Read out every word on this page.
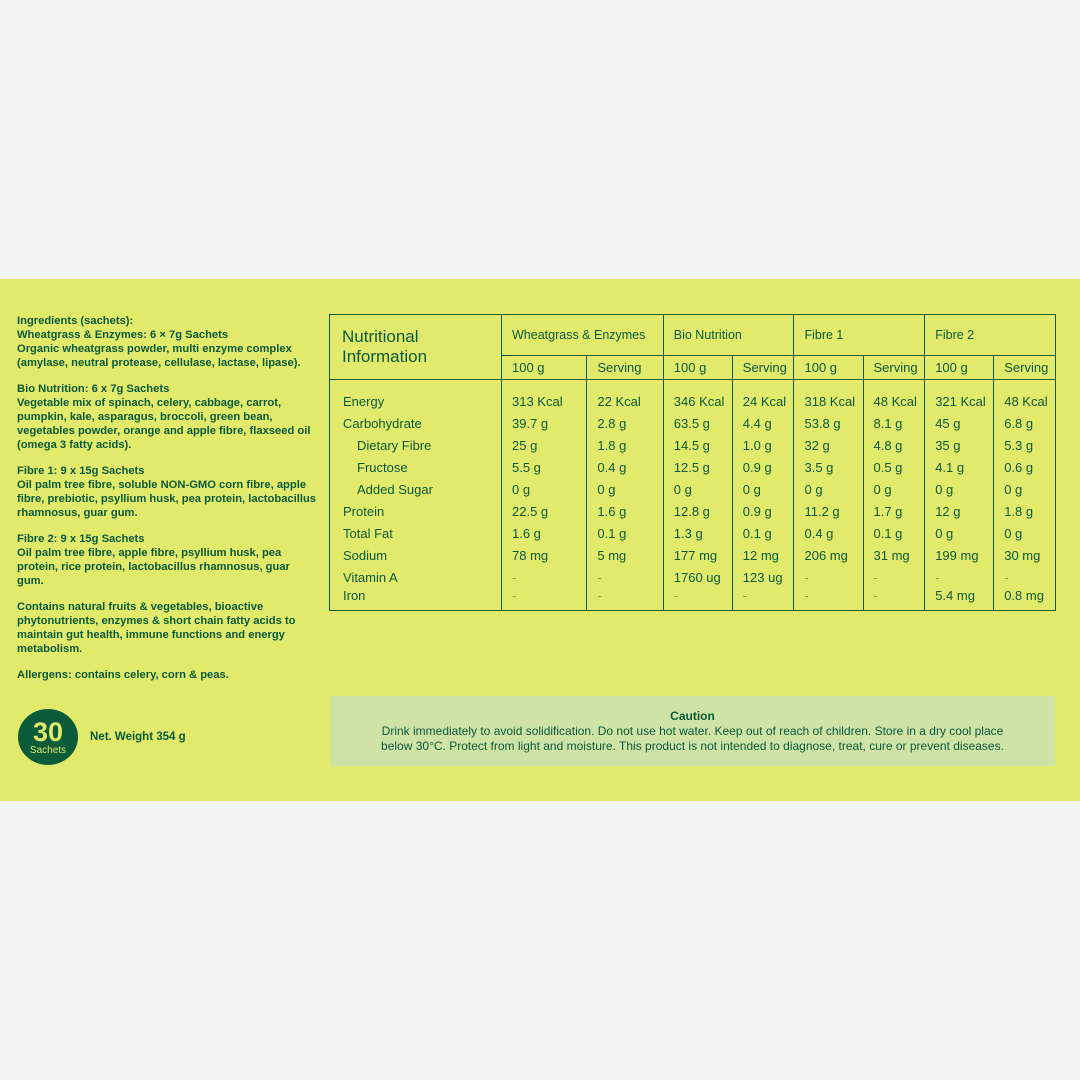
Ingredients (sachets):
Wheatgrass & Enzymes: 6 × 7g Sachets
Organic wheatgrass powder, multi enzyme complex (amylase, neutral protease, cellulase, lactase, lipase).

Bio Nutrition: 6 x 7g Sachets
Vegetable mix of spinach, celery, cabbage, carrot, pumpkin, kale, asparagus, broccoli, green bean, vegetables powder, orange and apple fibre, flaxseed oil (omega 3 fatty acids).

Fibre 1: 9 x 15g Sachets
Oil palm tree fibre, soluble NON-GMO corn fibre, apple fibre, prebiotic, psyllium husk, pea protein, lactobacillus rhamnosus, guar gum.

Fibre 2: 9 x 15g Sachets
Oil palm tree fibre, apple fibre, psyllium husk, pea protein, rice protein, lactobacillus rhamnosus, guar gum.

Contains natural fruits & vegetables, bioactive phytonutrients, enzymes & short chain fatty acids to maintain gut health, immune functions and energy metabolism.

Allergens: contains celery, corn & peas.

30
Sachets
Net. Weight 354 g
Nutritional Information	Wheatgrass & Enzymes		Bio Nutrition		Fibre 1		Fibre 2	
	100 g	Serving	100 g	Serving	100 g	Serving	100 g	Serving

Energy	313 Kcal	22 Kcal	346 Kcal	24 Kcal	318 Kcal	48 Kcal	321 Kcal	48 Kcal
Carbohydrate	39.7 g	2.8 g	63.5 g	4.4 g	53.8 g	8.1 g	45 g	6.8 g
Dietary Fibre	25 g	1.8 g	14.5 g	1.0 g	32 g	4.8 g	35 g	5.3 g
Fructose	5.5 g	0.4 g	12.5 g	0.9 g	3.5 g	0.5 g	4.1 g	0.6 g
Added Sugar	0 g	0 g	0 g	0 g	0 g	0 g	0 g	0 g
Protein	22.5 g	1.6 g	12.8 g	0.9 g	11.2 g	1.7 g	12 g	1.8 g
Total Fat	1.6 g	0.1 g	1.3 g	0.1 g	0.4 g	0.1 g	0 g	0 g
Sodium	78 mg	5 mg	177 mg	12 mg	206 mg	31 mg	199 mg	30 mg
Vitamin A	-	-	1760 ug	123 ug	-	-	-	-
Iron	-	-	-	-	-	-	5.4 mg	0.8 mg
Caution
Drink immediately to avoid solidification. Do not use hot water. Keep out of reach of children. Store in a dry cool place
below 30°C. Protect from light and moisture. This product is not intended to diagnose, treat, cure or prevent diseases.
